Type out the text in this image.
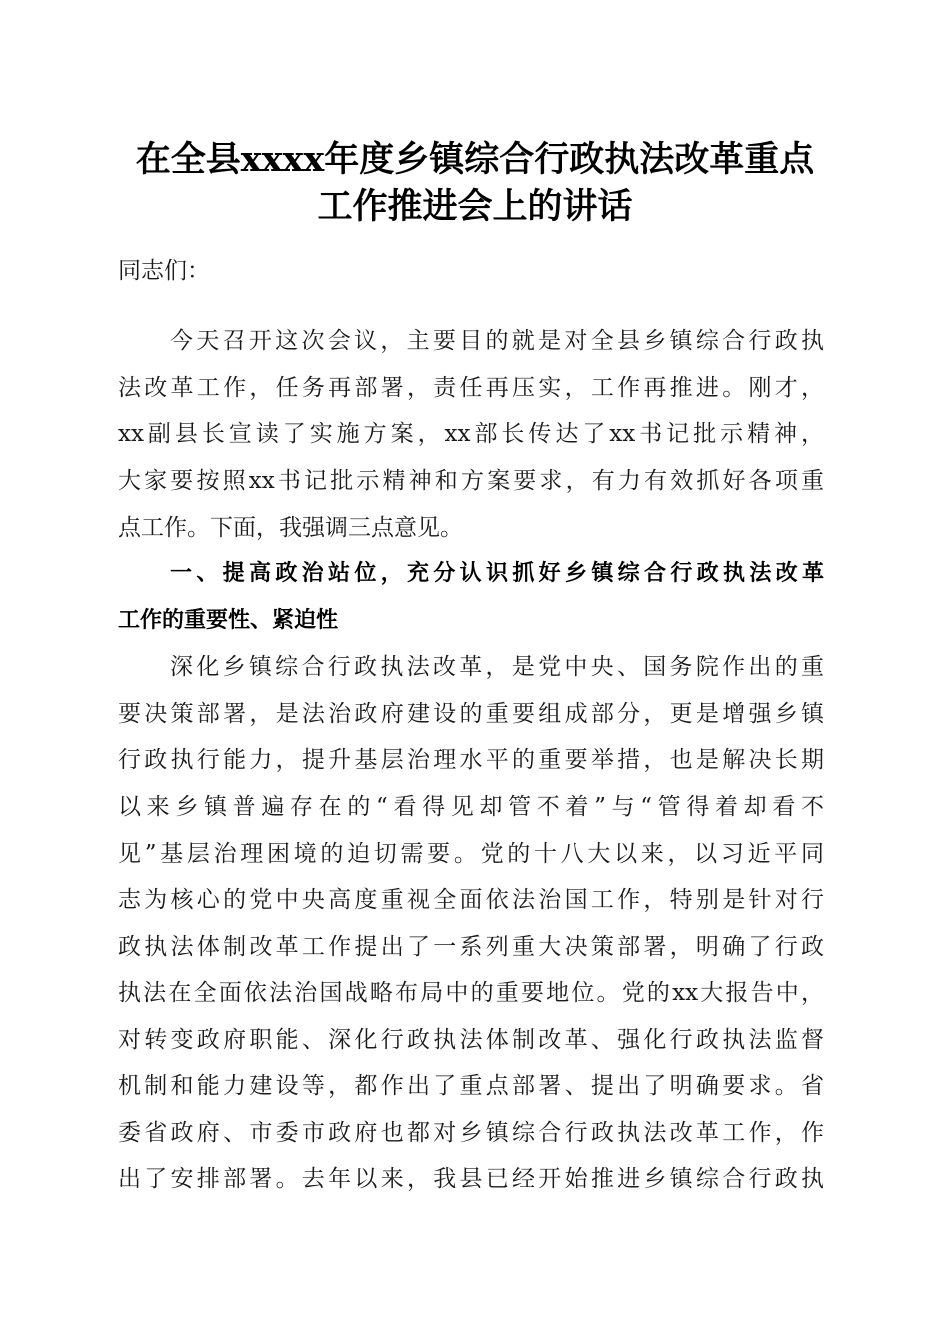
在全县xxxx年度乡镇综合行政执法改革重点
工作推进会上的讲话
同志们：
今天召开这次会议，主要目的就是对全县乡镇综合行政执
法改革工作，任务再部署，责任再压实，工作再推进。刚才，
xx副县长宣读了实施方案，xx部长传达了xx书记批示精神，
大家要按照xx书记批示精神和方案要求，有力有效抓好各项重
点工作。下面，我强调三点意见。
一、提高政治站位，充分认识抓好乡镇综合行政执法改革
工作的重要性、紧迫性
深化乡镇综合行政执法改革，是党中央、国务院作出的重
要决策部署，是法治政府建设的重要组成部分，更是增强乡镇
行政执行能力，提升基层治理水平的重要举措，也是解决长期
以来乡镇普遍存在的“看得见却管不着”与“管得着却看不
见”基层治理困境的迫切需要。党的十八大以来，以习近平同
志为核心的党中央高度重视全面依法治国工作，特别是针对行
政执法体制改革工作提出了一系列重大决策部署，明确了行政
执法在全面依法治国战略布局中的重要地位。党的xx大报告中，
对转变政府职能、深化行政执法体制改革、强化行政执法监督
机制和能力建设等，都作出了重点部署、提出了明确要求。省
委省政府、市委市政府也都对乡镇综合行政执法改革工作，作
出了安排部署。去年以来，我县已经开始推进乡镇综合行政执
